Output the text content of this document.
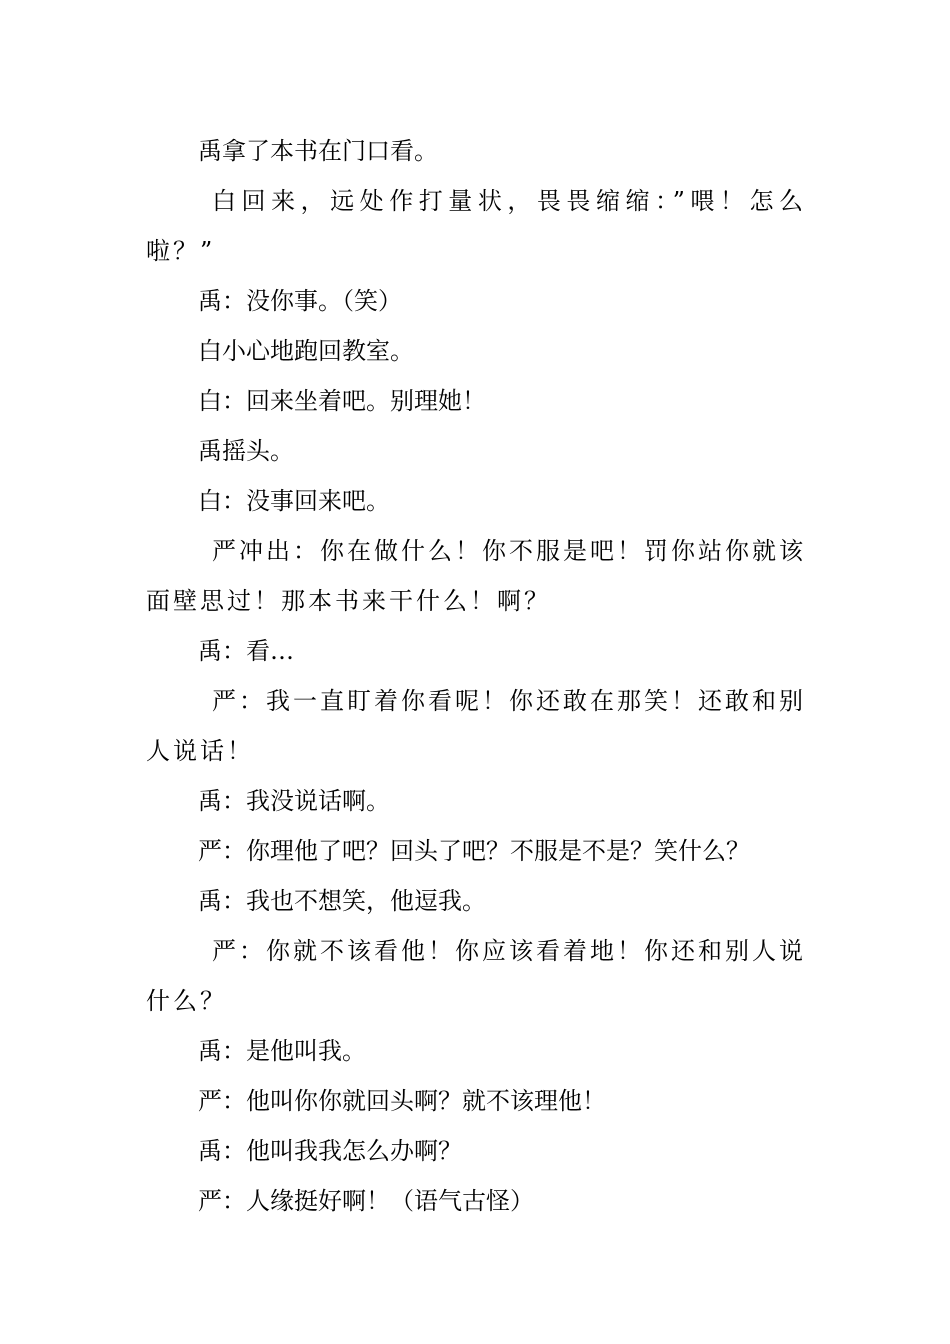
禹拿了本书在门口看。

白回来，远处作打量状，畏畏缩缩：”喂！怎么啦？”

禹：没你事。（笑）

白小心地跑回教室。

白：回来坐着吧。别理她！

禹摇头。

白：没事回来吧。

严冲出：你在做什么！你不服是吧！罚你站你就该面壁思过！那本书来干什么！啊？

禹：看…

严：我一直盯着你看呢！你还敢在那笑！还敢和别人说话！

禹：我没说话啊。

严：你理他了吧？回头了吧？不服是不是？笑什么？

禹：我也不想笑，他逗我。

严：你就不该看他！你应该看着地！你还和别人说什么？

禹：是他叫我。

严：他叫你你就回头啊？就不该理他！

禹：他叫我我怎么办啊？

严：人缘挺好啊！（语气古怪）
